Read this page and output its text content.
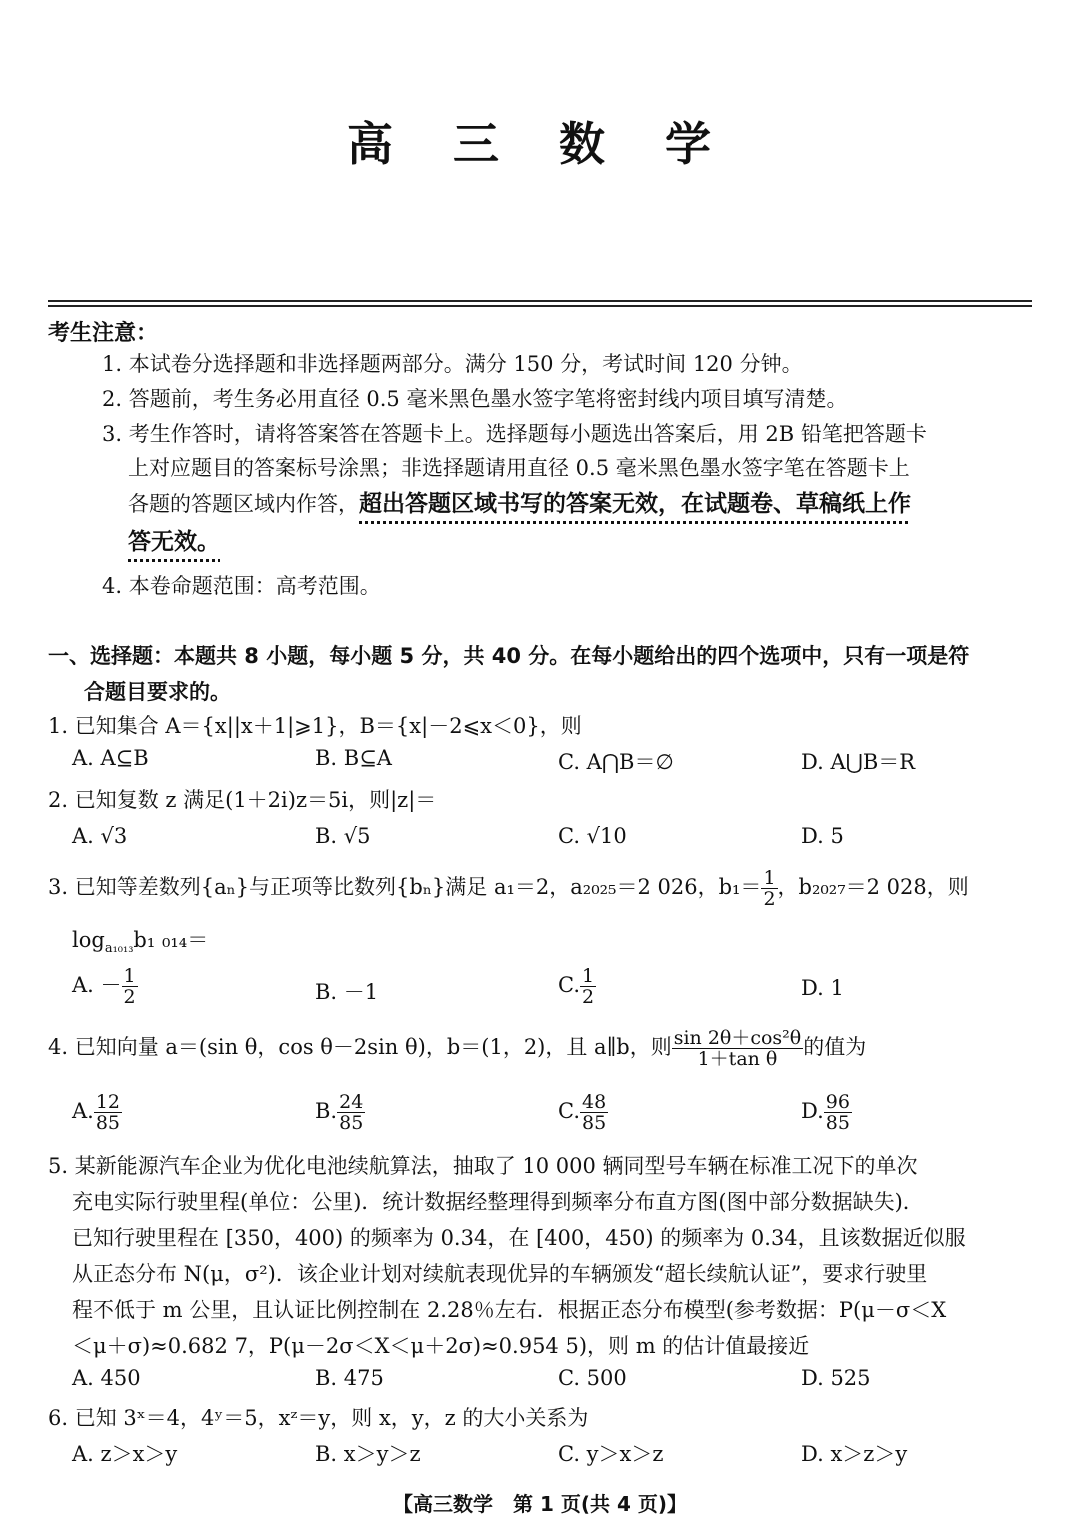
高 三 数 学
考生注意：
1. 本试卷分选择题和非选择题两部分。满分 150 分，考试时间 120 分钟。
2. 答题前，考生务必用直径 0.5 毫米黑色墨水签字笔将密封线内项目填写清楚。
3. 考生作答时，请将答案答在答题卡上。选择题每小题选出答案后，用 2B 铅笔把答题卡
上对应题目的答案标号涂黑；非选择题请用直径 0.5 毫米黑色墨水签字笔在答题卡上
各题的答题区域内作答，超出答题区域书写的答案无效，在试题卷、草稿纸上作
答无效。
4. 本卷命题范围：高考范围。
一、选择题：本题共 8 小题，每小题 5 分，共 40 分。在每小题给出的四个选项中，只有一项是符
合题目要求的。
1. 已知集合 A＝{x||x＋1|⩾1}，B＝{x|－2⩽x＜0}，则
A. A⊆B	B. B⊆A	C. A⋂B＝∅	D. A⋃B＝R
2. 已知复数 z 满足(1＋2i)z＝5i，则|z|＝
A. √3	B. √5	C. √10	D. 5
3. 已知等差数列{aₙ}与正项等比数列{bₙ}满足 a₁＝2，a₂₀₂₅＝2 026，$b_1= \frac{1}{2}$ ，b₂₀₂₇＝2 028，则
$\log_{a_{1013}}b_1$ ₀₁₄＝
A. － $\frac{1}{2}$	B. －1	C. $\frac{1}{2}$	D. 1
4. 已知向量 a＝(sin θ，cos θ－2sin θ)，b＝(1，2)，且 a∥b，则 $\frac{\text{sin 2θ＋cos²θ}}{\text{1＋tan θ}}$ 的值为
A. $\frac{12}{85}$	B. $\frac{24}{85}$	C. $\frac{48}{85}$	D. $\frac{96}{85}$
5. 某新能源汽车企业为优化电池续航算法，抽取了 10 000 辆同型号车辆在标准工况下的单次
充电实际行驶里程(单位：公里)．统计数据经整理得到频率分布直方图(图中部分数据缺失)．
已知行驶里程在 [350，400) 的频率为 0.34，在 [400，450) 的频率为 0.34，且该数据近似服
从正态分布 N(μ，σ²)．该企业计划对续航表现优异的车辆颁发“超长续航认证”，要求行驶里
程不低于 m 公里，且认证比例控制在 2.28％左右．根据正态分布模型(参考数据：P(μ－σ＜X
＜μ＋σ)≈0.682 7，P(μ－2σ＜X＜μ＋2σ)≈0.954 5)，则 m 的估计值最接近
A. 450	B. 475	C. 500	D. 525
6. 已知 3ˣ＝4，4ʸ＝5，xᶻ＝y，则 x，y，z 的大小关系为
A. z＞x＞y	B. x＞y＞z	C. y＞x＞z	D. x＞z＞y
【高三数学　第 1 页(共 4 页)】
